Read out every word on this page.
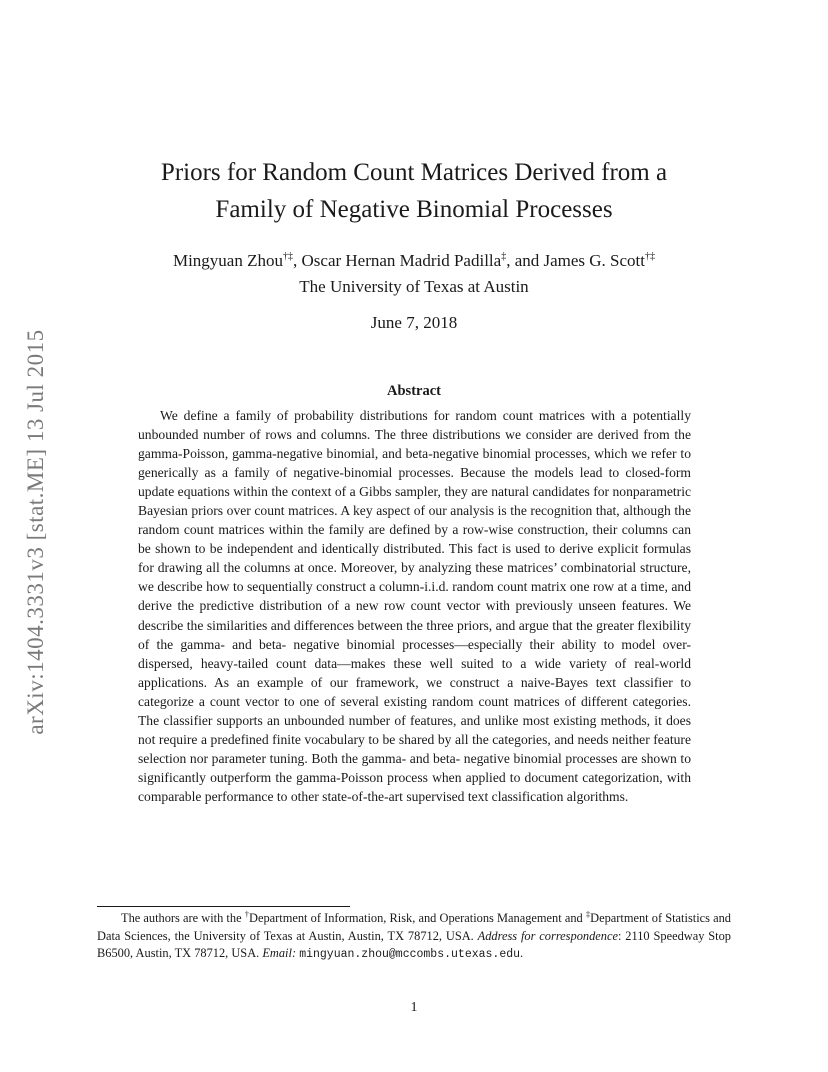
arXiv:1404.3331v3 [stat.ME] 13 Jul 2015
Priors for Random Count Matrices Derived from a
Family of Negative Binomial Processes
Mingyuan Zhou†‡, Oscar Hernan Madrid Padilla‡, and James G. Scott†‡
The University of Texas at Austin
June 7, 2018
Abstract

We define a family of probability distributions for random count matrices with a potentially unbounded number of rows and columns. The three distributions we consider are derived from the gamma-Poisson, gamma-negative binomial, and beta-negative binomial processes, which we refer to generically as a family of negative-binomial processes. Because the models lead to closed-form update equations within the context of a Gibbs sampler, they are natural candidates for nonparametric Bayesian priors over count matrices. A key aspect of our analysis is the recognition that, although the random count matrices within the family are defined by a row-wise construction, their columns can be shown to be independent and identically distributed. This fact is used to derive explicit formulas for drawing all the columns at once. Moreover, by analyzing these matrices’ combinatorial structure, we describe how to sequentially construct a column-i.i.d. random count matrix one row at a time, and derive the predictive distribution of a new row count vector with previously unseen features. We describe the similarities and differences between the three priors, and argue that the greater flexibility of the gamma- and beta- negative binomial processes—especially their ability to model over-dispersed, heavy-tailed count data—makes these well suited to a wide variety of real-world applications. As an example of our framework, we construct a naive-Bayes text classifier to categorize a count vector to one of several existing random count matrices of different categories. The classifier supports an unbounded number of features, and unlike most existing methods, it does not require a predefined finite vocabulary to be shared by all the categories, and needs neither feature selection nor parameter tuning. Both the gamma- and beta- negative binomial processes are shown to significantly outperform the gamma-Poisson process when applied to document categorization, with comparable performance to other state-of-the-art supervised text classification algorithms.

The authors are with the †Department of Information, Risk, and Operations Management and ‡Department of Statistics and Data Sciences, the University of Texas at Austin, Austin, TX 78712, USA. Address for correspondence: 2110 Speedway Stop B6500, Austin, TX 78712, USA. Email: mingyuan.zhou@mccombs.utexas.edu.

1
